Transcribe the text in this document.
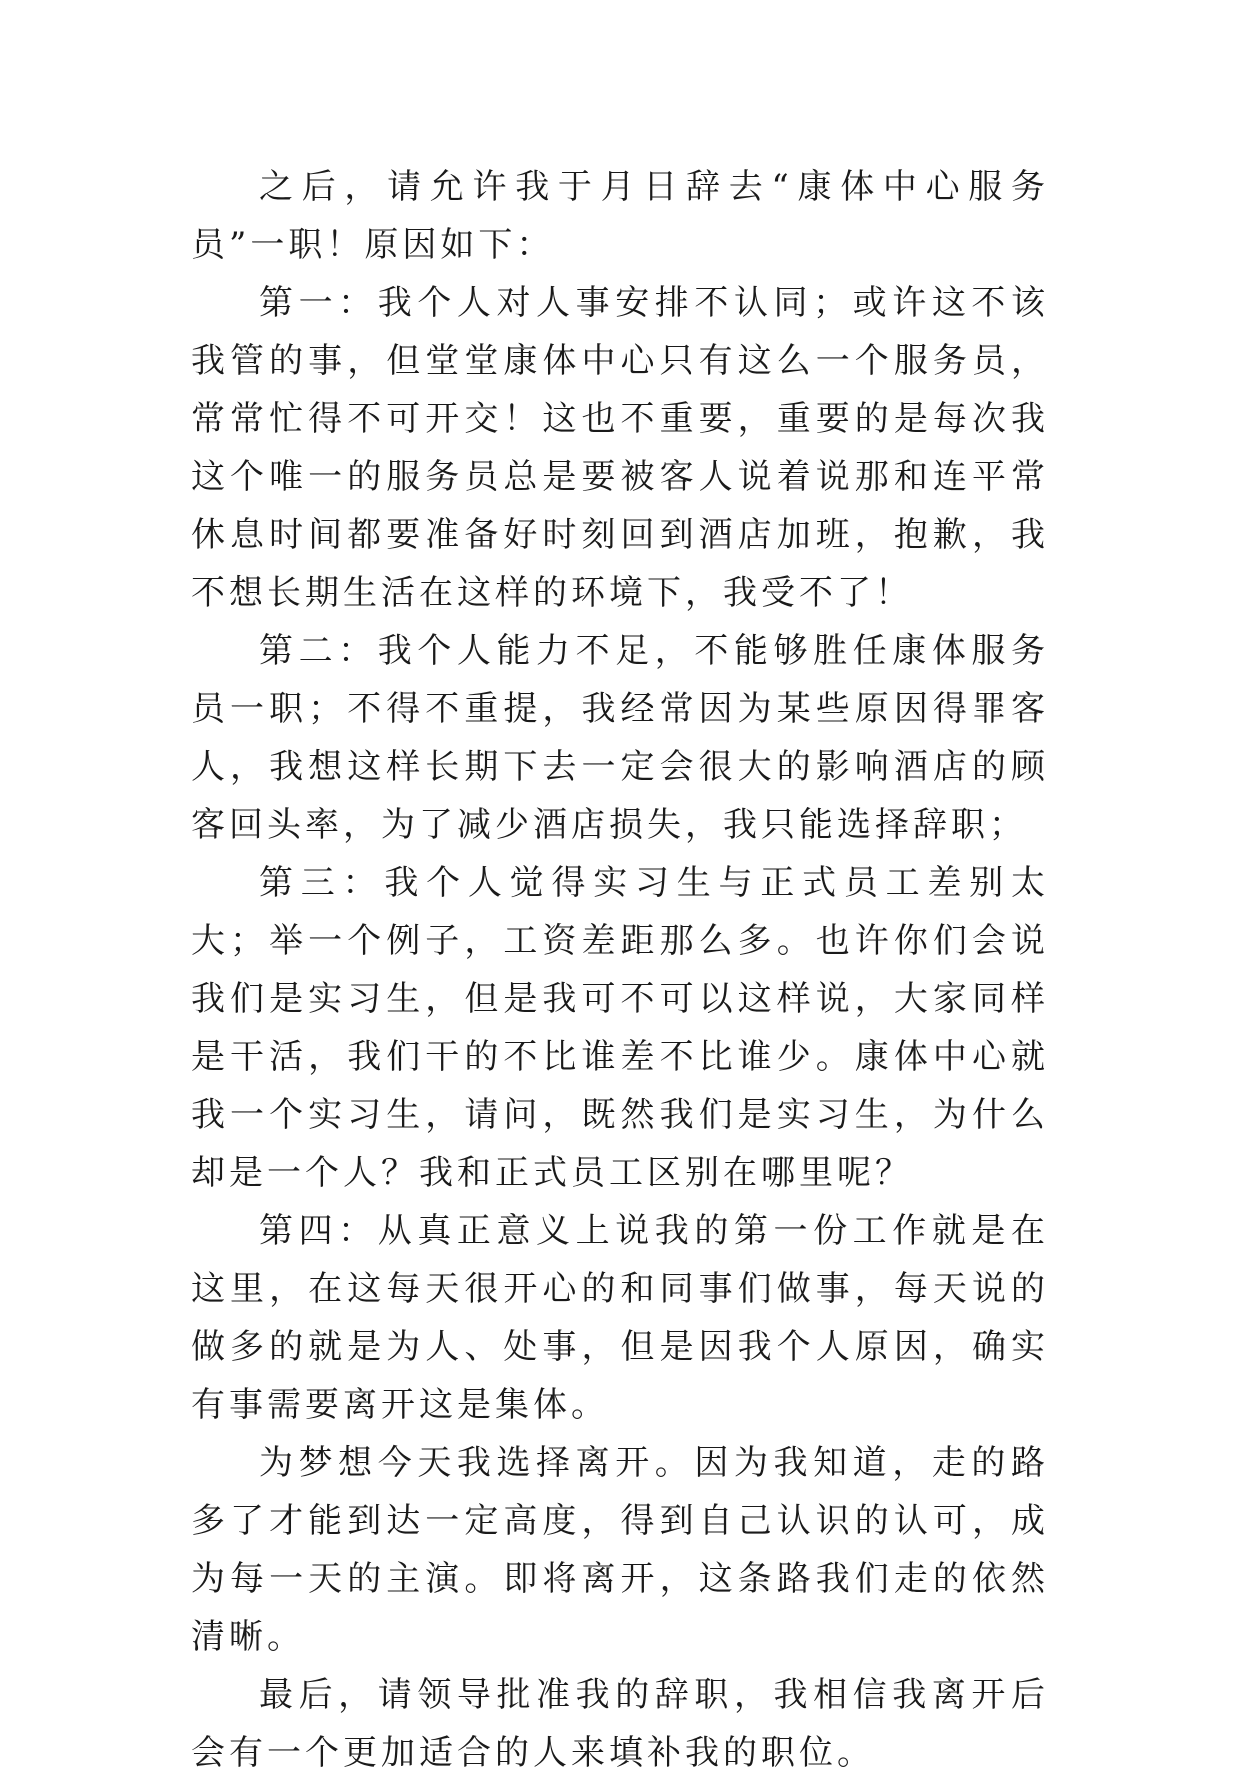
之后，请允许我于月日辞去“康体中心服务员”一职！原因如下：

第一：我个人对人事安排不认同；或许这不该我管的事，但堂堂康体中心只有这么一个服务员，常常忙得不可开交！这也不重要，重要的是每次我这个唯一的服务员总是要被客人说着说那和连平常休息时间都要准备好时刻回到酒店加班，抱歉，我不想长期生活在这样的环境下，我受不了！

第二：我个人能力不足，不能够胜任康体服务员一职；不得不重提，我经常因为某些原因得罪客人，我想这样长期下去一定会很大的影响酒店的顾客回头率，为了减少酒店损失，我只能选择辞职；

第三：我个人觉得实习生与正式员工差别太大；举一个例子，工资差距那么多。也许你们会说我们是实习生，但是我可不可以这样说，大家同样是干活，我们干的不比谁差不比谁少。康体中心就我一个实习生，请问，既然我们是实习生，为什么却是一个人？我和正式员工区别在哪里呢？

第四：从真正意义上说我的第一份工作就是在这里，在这每天很开心的和同事们做事，每天说的做多的就是为人、处事，但是因我个人原因，确实有事需要离开这是集体。

为梦想今天我选择离开。因为我知道，走的路多了才能到达一定高度，得到自己认识的认可，成为每一天的主演。即将离开，这条路我们走的依然清晰。

最后，请领导批准我的辞职，我相信我离开后会有一个更加适合的人来填补我的职位。
